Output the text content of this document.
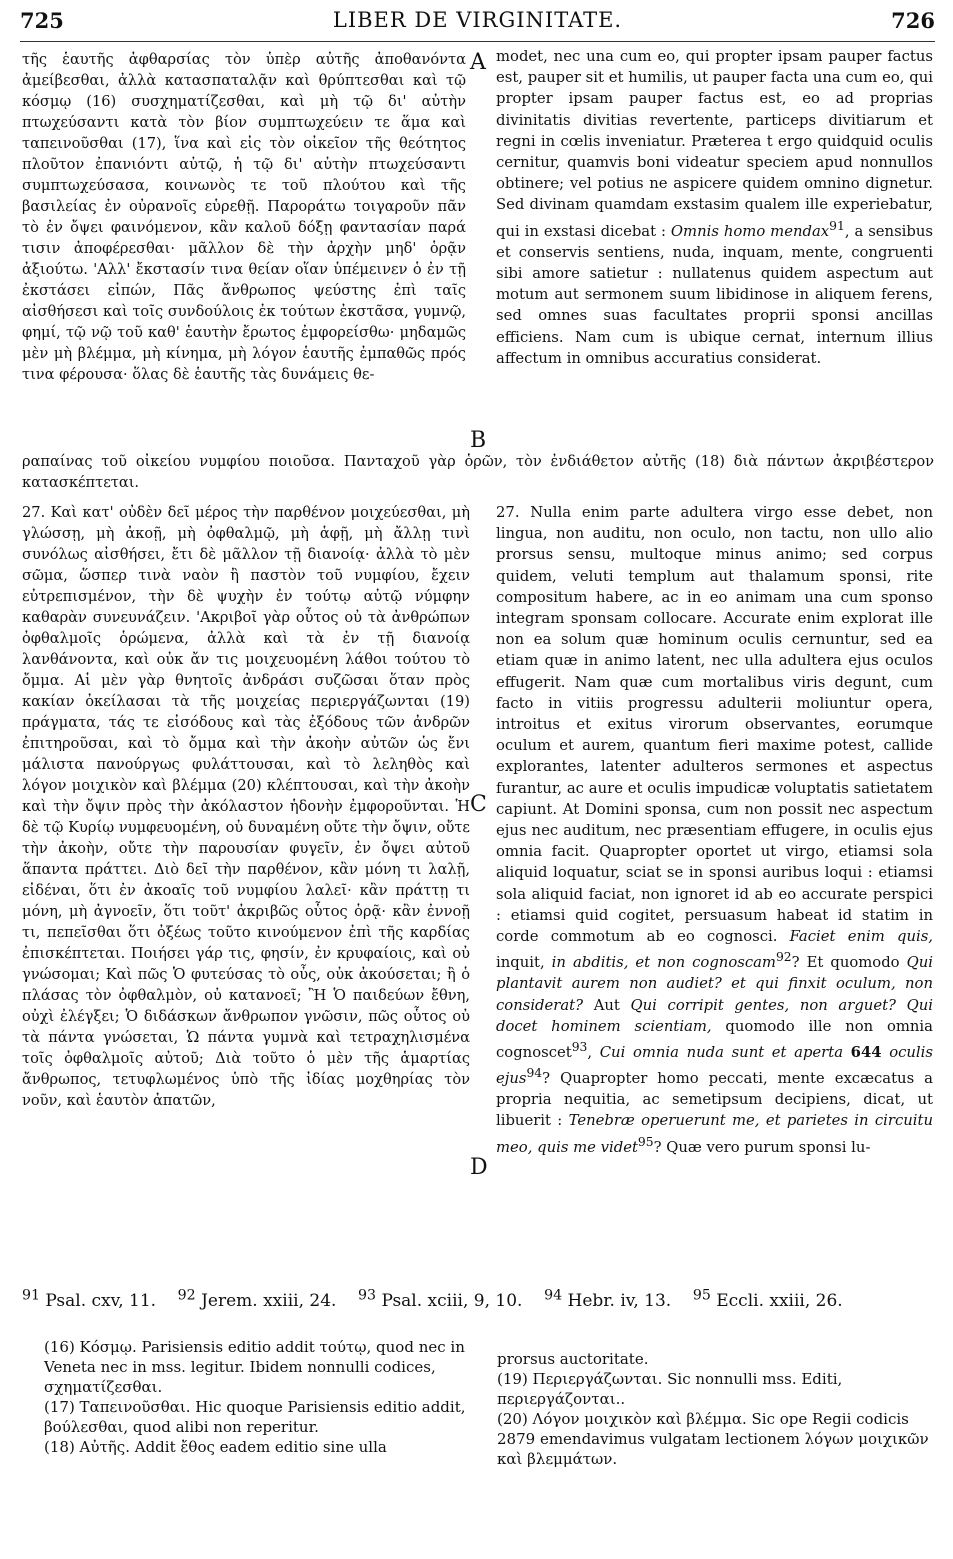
725	LIBER DE VIRGINITATE.	726

τῆς ἑαυτῆς ἀφθαρσίας τὸν ὑπὲρ αὐτῆς ἀποθανόντα ἀμείβεσθαι, ἀλλὰ κατασπαταλᾷν καὶ θρύπτεσθαι καὶ τῷ κόσμῳ (16) συσχηματίζεσθαι, καὶ μὴ τῷ δι' αὐτὴν πτωχεύσαντι κατὰ τὸν βίον συμπτωχεύειν τε ἅμα καὶ ταπεινοῦσθαι (17), ἵνα καὶ εἰς τὸν οἰκεῖον τῆς θεότητος πλοῦτον ἐπανιόντι αὐτῷ, ἡ τῷ δι' αὐτὴν πτωχεύσαντι συμπτωχεύσασα, κοινωνὸς τε τοῦ πλούτου καὶ τῆς βασιλείας ἐν οὐρανοῖς εὑρεθῇ. Παροράτω τοιγαροῦν πᾶν τὸ ἐν ὄψει φαινόμενον, κἂν καλοῦ δόξῃ φαντασίαν παρά τισιν ἀποφέρεσθαι· μᾶλλον δὲ τὴν ἀρχὴν μηδ' ὁρᾷν ἀξιούτω. 'Αλλ' ἔκστασίν τινα θείαν οἵαν ὑπέμεινεν ὁ ἐν τῇ ἐκστάσει εἰπών, Πᾶς ἄνθρωπος ψεύστης ἐπὶ ταῖς αἰσθήσεσι καὶ τοῖς συνδούλοις ἐκ τούτων ἐκστᾶσα, γυμνῷ, φημί, τῷ νῷ τοῦ καθ' ἑαυτὴν ἔρωτος ἐμφορείσθω· μηδαμῶς μὲν μὴ βλέμμα, μὴ κίνημα, μὴ λόγον ἑαυτῆς ἐμπαθῶς πρός τινα φέρουσα· ὅλας δὲ ἑαυτῆς τὰς δυνάμεις θε-

A modet, nec una cum eo, qui propter ipsam pauper factus est, pauper sit et humilis, ut pauper facta una cum eo, qui propter ipsam pauper factus est, eo ad proprias divinitatis divitias revertente, particeps divitiarum et regni in cœlis inveniatur. Præterea t ergo quidquid oculis cernitur, quamvis boni videatur speciem apud nonnullos obtinere; vel potius ne aspicere quidem omnino dignetur. Sed divinam quamdam exstasim qualem ille experiebatur, qui in exstasi dicebat : Omnis homo mendax$^{91}$, a sensibus et conservis sentiens, nuda, inquam, mente, congruenti sibi amore satietur : nullatenus quidem aspectum aut motum aut sermonem suum libidinose in aliquem ferens, sed omnes suas facultates proprii sponsi ancillas efficiens. Nam cum is ubique cernat, internum illius affectum in omnibus accuratius considerat.

B

ραπαίνας τοῦ οἰκείου νυμφίου ποιοῦσα. Πανταχοῦ γὰρ ὁρῶν, τὸν ἐνδιάθετον αὐτῆς (18) διὰ πάντων ἀκριβέστερον κατασκέπτεται.

27. Καὶ κατ' οὐδὲν δεῖ μέρος τὴν παρθένον μοιχεύεσθαι, μὴ γλώσσῃ, μὴ ἀκοῇ, μὴ ὀφθαλμῷ, μὴ ἁφῇ, μὴ ἄλλῃ τινὶ συνόλως αἰσθήσει, ἔτι δὲ μᾶλλον τῇ διανοίᾳ· ἀλλὰ τὸ μὲν σῶμα, ὥσπερ τινὰ ναὸν ἢ παστὸν τοῦ νυμφίου, ἔχειν εὐτρεπισμένον, τὴν δὲ ψυχὴν ἐν τούτῳ αὐτῷ νύμφην καθαρὰν συνευνάζειν. 'Ακριβοῖ γὰρ οὗτος οὐ τὰ ἀνθρώπων ὀφθαλμοῖς ὁρώμενα, ἀλλὰ καὶ τὰ ἐν τῇ διανοίᾳ λανθάνοντα, καὶ οὐκ ἄν τις μοιχευομένη λάθοι τούτου τὸ ὄμμα. Αἱ μὲν γὰρ θνητοῖς ἀνδράσι συζῶσαι ὅταν πρὸς κακίαν ὀκείλασαι τὰ τῆς μοιχείας περιεργάζωνται (19) πράγματα, τάς τε εἰσόδους καὶ τὰς ἐξόδους τῶν ἀνδρῶν ἐπιτηροῦσαι, καὶ τὸ ὄμμα καὶ τὴν ἀκοὴν αὐτῶν ὡς ἔνι μάλιστα πανούργως φυλάττουσαι, καὶ τὸ λεληθὸς καὶ λόγον μοιχικὸν καὶ βλέμμα (20) κλέπτουσαι, καὶ τὴν ἀκοὴν καὶ τὴν ὄψιν πρὸς τὴν ἀκόλαστον ἡδονὴν ἐμφοροῦνται. Ἡ δὲ τῷ Κυρίῳ νυμφευομένη, οὐ δυναμένη οὔτε τὴν ὄψιν, οὔτε τὴν ἀκοὴν, οὔτε τὴν παρουσίαν φυγεῖν, ἐν ὄψει αὐτοῦ ἅπαντα πράττει. Διὸ δεῖ τὴν παρθένον, κἂν μόνη τι λαλῇ, εἰδέναι, ὅτι ἐν ἀκοαῖς τοῦ νυμφίου λαλεῖ· κἂν πράττῃ τι μόνη, μὴ ἀγνοεῖν, ὅτι τοῦτ' ἀκριβῶς οὗτος ὁρᾷ· κἂν ἐννοῇ τι, πεπεῖσθαι ὅτι ὀξέως τοῦτο κινούμενον ἐπὶ τῆς καρδίας ἐπισκέπτεται. Ποιήσει γάρ τις, φησίν, ἐν κρυφαίοις, καὶ οὐ γνώσομαι; Καὶ πῶς Ὁ φυτεύσας τὸ οὖς, οὐκ ἀκούσεται; ἢ ὁ πλάσας τὸν ὀφθαλμὸν, οὐ κατανοεῖ; Ἢ Ὁ παιδεύων ἔθνη, οὐχὶ ἐλέγξει; Ὁ διδάσκων ἄνθρωπον γνῶσιν, πῶς οὗτος οὐ τὰ πάντα γνώσεται, Ὡ πάντα γυμνὰ καὶ τετραχηλισμένα τοῖς ὀφθαλμοῖς αὐτοῦ; Διὰ τοῦτο ὁ μὲν τῆς ἁμαρτίας ἄνθρωπος, τετυφλωμένος ὑπὸ τῆς ἰδίας μοχθηρίας τὸν νοῦν, καὶ ἑαυτὸν ἀπατῶν,

C
D

27. Nulla enim parte adultera virgo esse debet, non lingua, non auditu, non oculo, non tactu, non ullo alio prorsus sensu, multoque minus animo; sed corpus quidem, veluti templum aut thalamum sponsi, rite compositum habere, ac in eo animam una cum sponso integram sponsam collocare. Accurate enim explorat ille non ea solum quæ hominum oculis cernuntur, sed ea etiam quæ in animo latent, nec ulla adultera ejus oculos effugerit. Nam quæ cum mortalibus viris degunt, cum facto in vitiis progressu adulterii moliuntur opera, introitus et exitus virorum observantes, eorumque oculum et aurem, quantum fieri maxime potest, callide explorantes, latenter adulteros sermones et aspectus furantur, ac aure et oculis impudicæ voluptatis satietatem capiunt. At Domini sponsa, cum non possit nec aspectum ejus nec auditum, nec præsentiam effugere, in oculis ejus omnia facit. Quapropter oportet ut virgo, etiamsi sola aliquid loquatur, sciat se in sponsi auribus loqui : etiamsi sola aliquid faciat, non ignoret id ab eo accurate perspici : etiamsi quid cogitet, persuasum habeat id statim in corde commotum ab eo cognosci. Faciet enim quis, inquit, in abditis, et non cognoscam$^{92}$? Et quomodo Qui plantavit aurem non audiet? et qui finxit oculum, non considerat? Aut Qui corripit gentes, non arguet? Qui docet hominem scientiam, quomodo ille non omnia cognoscet$^{93}$, Cui omnia nuda sunt et aperta 644 oculis ejus$^{94}$? Quapropter homo peccati, mente excæcatus a propria nequitia, ac semetipsum decipiens, dicat, ut libuerit : Tenebræ operuerunt me, et parietes in circuitu meo, quis me videt$^{95}$? Quæ vero purum sponsi lu-

$^{91}$ Psal. cxv, 11. $^{92}$ Jerem. xxiii, 24. $^{93}$ Psal. xciii, 9, 10. $^{94}$ Hebr. iv, 13. $^{95}$ Eccli. xxiii, 26.

(16) Κόσμῳ. Parisiensis editio addit τούτῳ, quod nec in Veneta nec in mss. legitur. Ibidem nonnulli codices, σχηματίζεσθαι.

(17) Ταπεινοῦσθαι. Hic quoque Parisiensis editio addit, βούλεσθαι, quod alibi non reperitur.

(18) Αὐτῆς. Addit ἔθος eadem editio sine ulla

prorsus auctoritate.

(19) Περιεργάζωνται. Sic nonnulli mss. Editi, περιεργάζονται..

(20) Λόγον μοιχικὸν καὶ βλέμμα. Sic ope Regii codicis 2879 emendavimus vulgatam lectionem λόγων μοιχικῶν καὶ βλεμμάτων.
